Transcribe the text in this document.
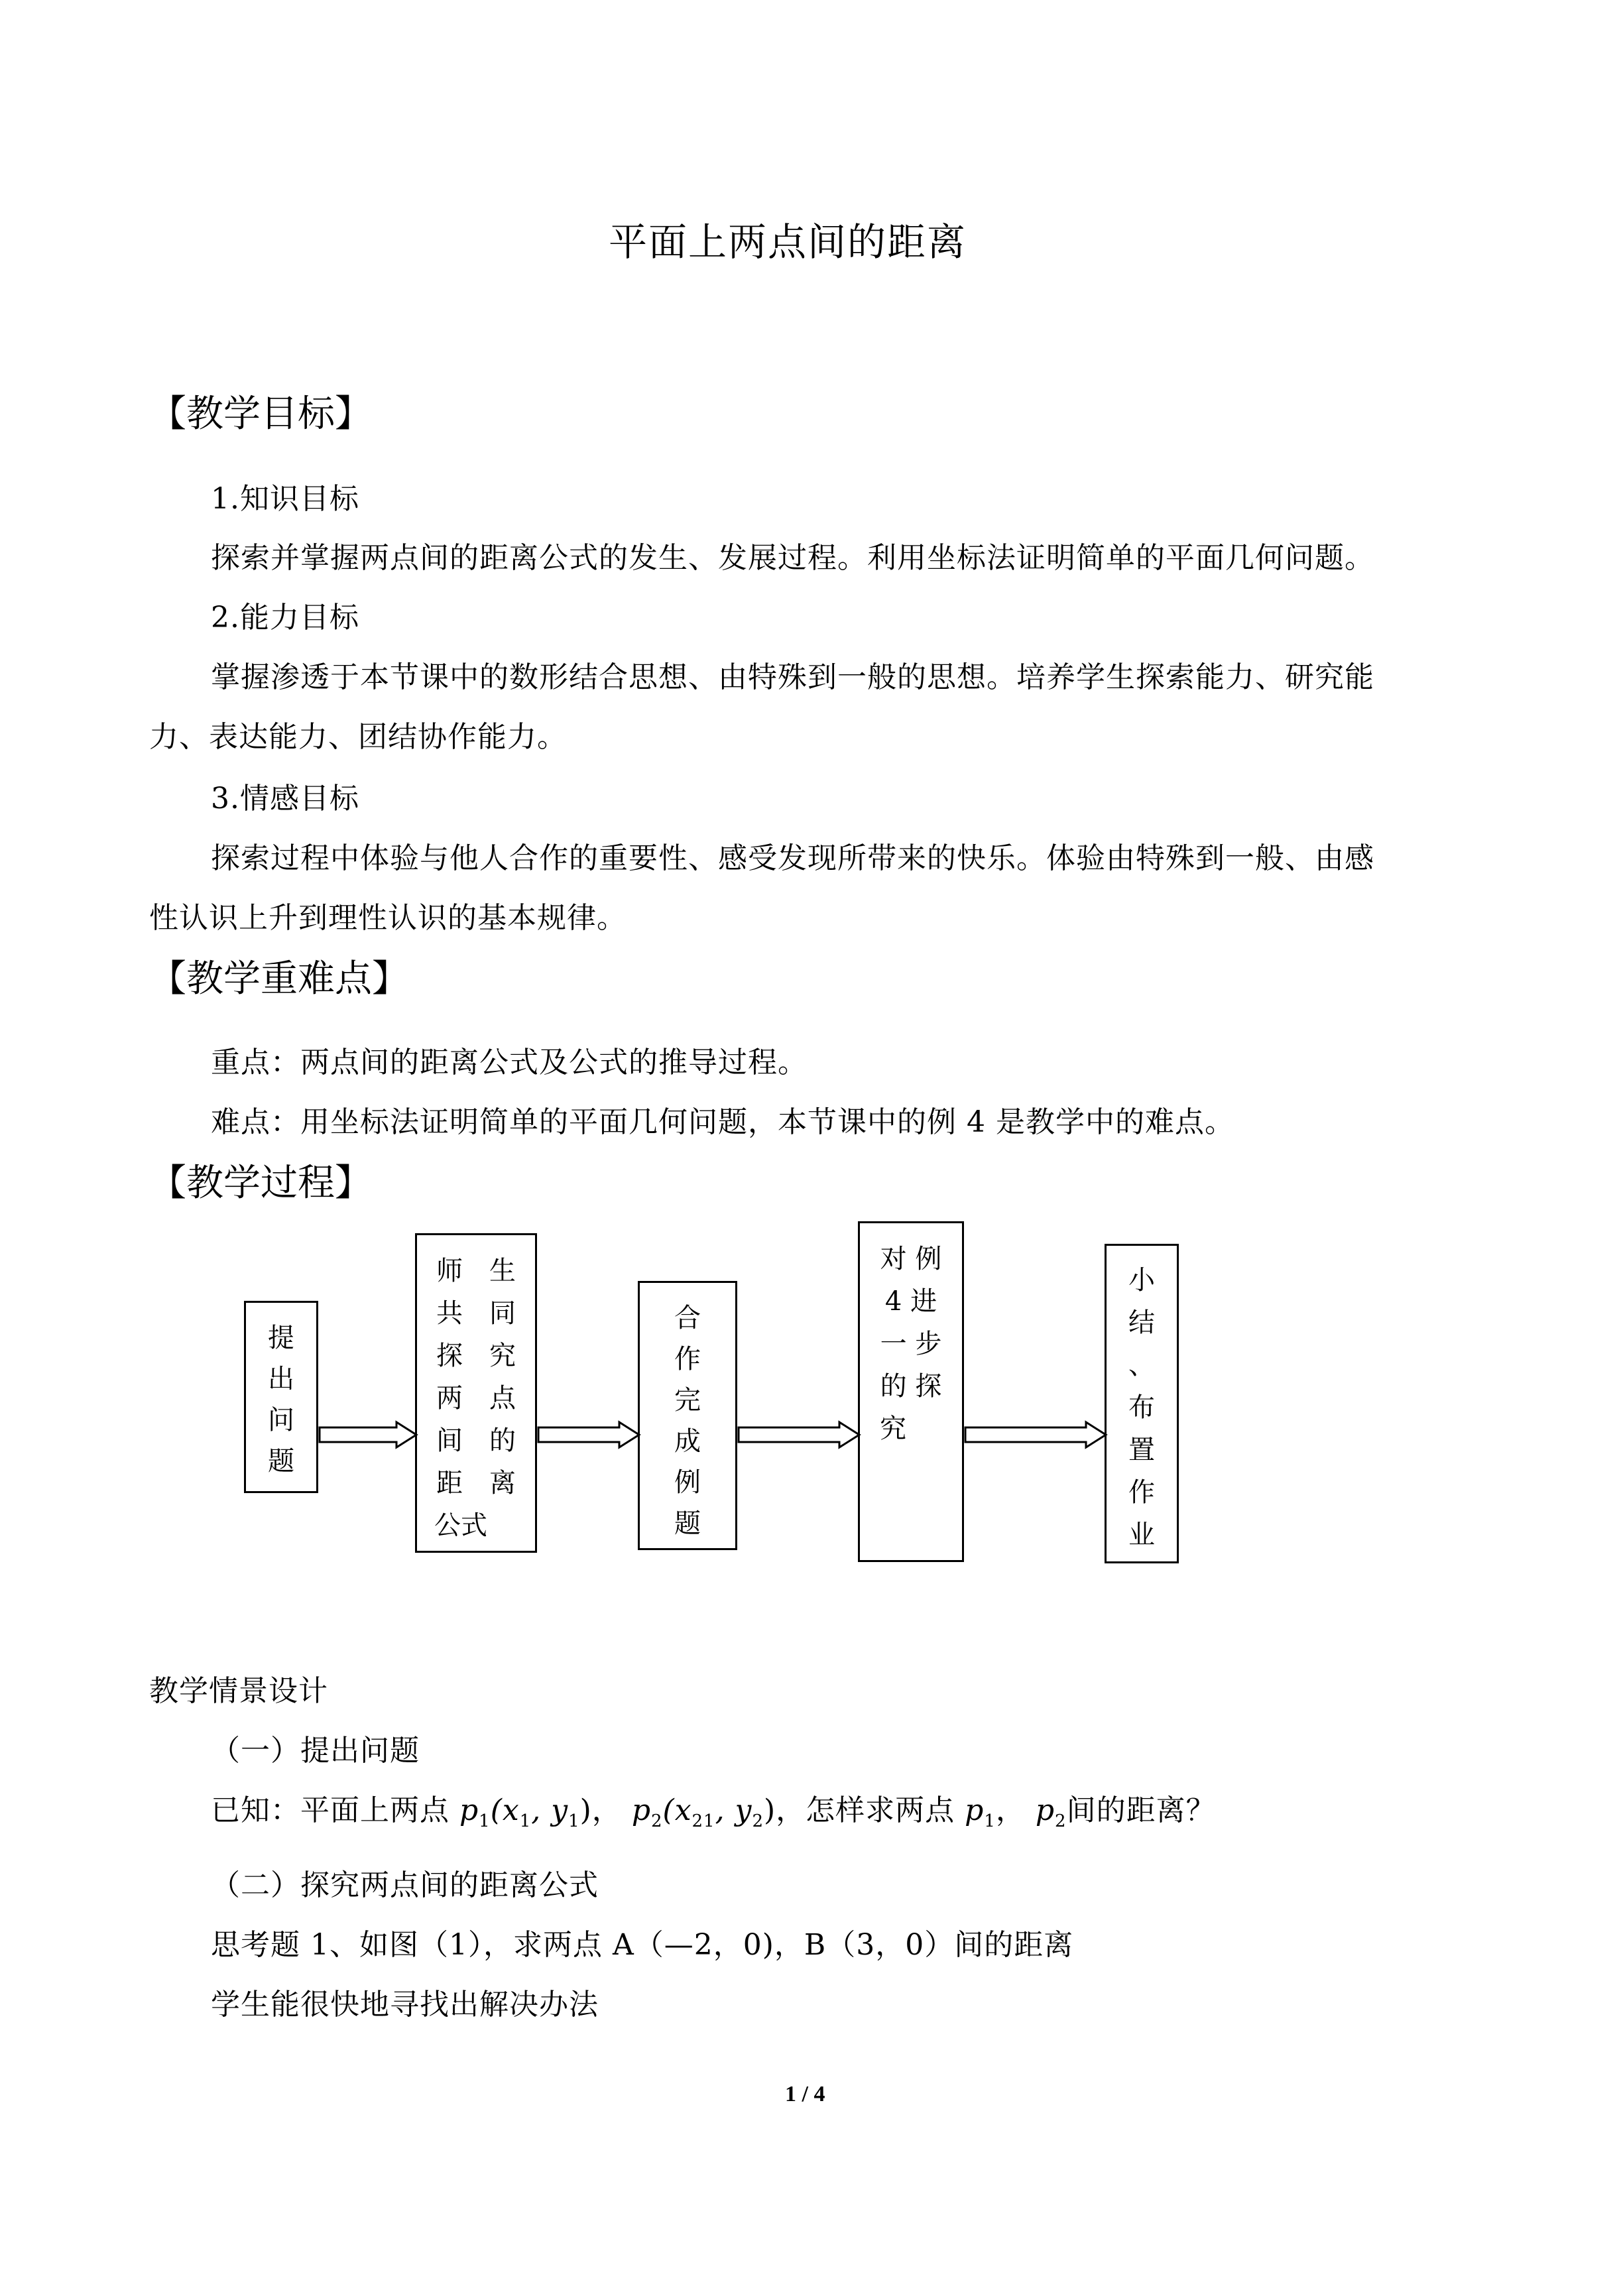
平面上两点间的距离
【教学目标】
1.知识目标
探索并掌握两点间的距离公式的发生、发展过程。利用坐标法证明简单的平面几何问题。
2.能力目标
掌握渗透于本节课中的数形结合思想、由特殊到一般的思想。培养学生探索能力、研究能
力、表达能力、团结协作能力。
3.情感目标
探索过程中体验与他人合作的重要性、感受发现所带来的快乐。体验由特殊到一般、由感
性认识上升到理性认识的基本规律。
【教学重难点】
重点：两点间的距离公式及公式的推导过程。
难点：用坐标法证明简单的平面几何问题，本节课中的例 4 是教学中的难点。
【教学过程】
提
出
问
题
师　生
共　同
探　究
两　点
间　的
距　离
公式
合
作
完
成
例
题
对 例
4 进
一 步
的 探
究
小
结
、
布
置
作
业
教学情景设计
（一）提出问题
已知：平面上两点 $p_1(x_1$, $y_1$)， $p_2(x_{21}$, $y_2$)，怎样求两点 $p_1$， $p_2$间的距离？
（二）探究两点间的距离公式
思考题 1、如图（1），求两点 A（—2，0)，B（3，0）间的距离
学生能很快地寻找出解决办法
1 / 4
